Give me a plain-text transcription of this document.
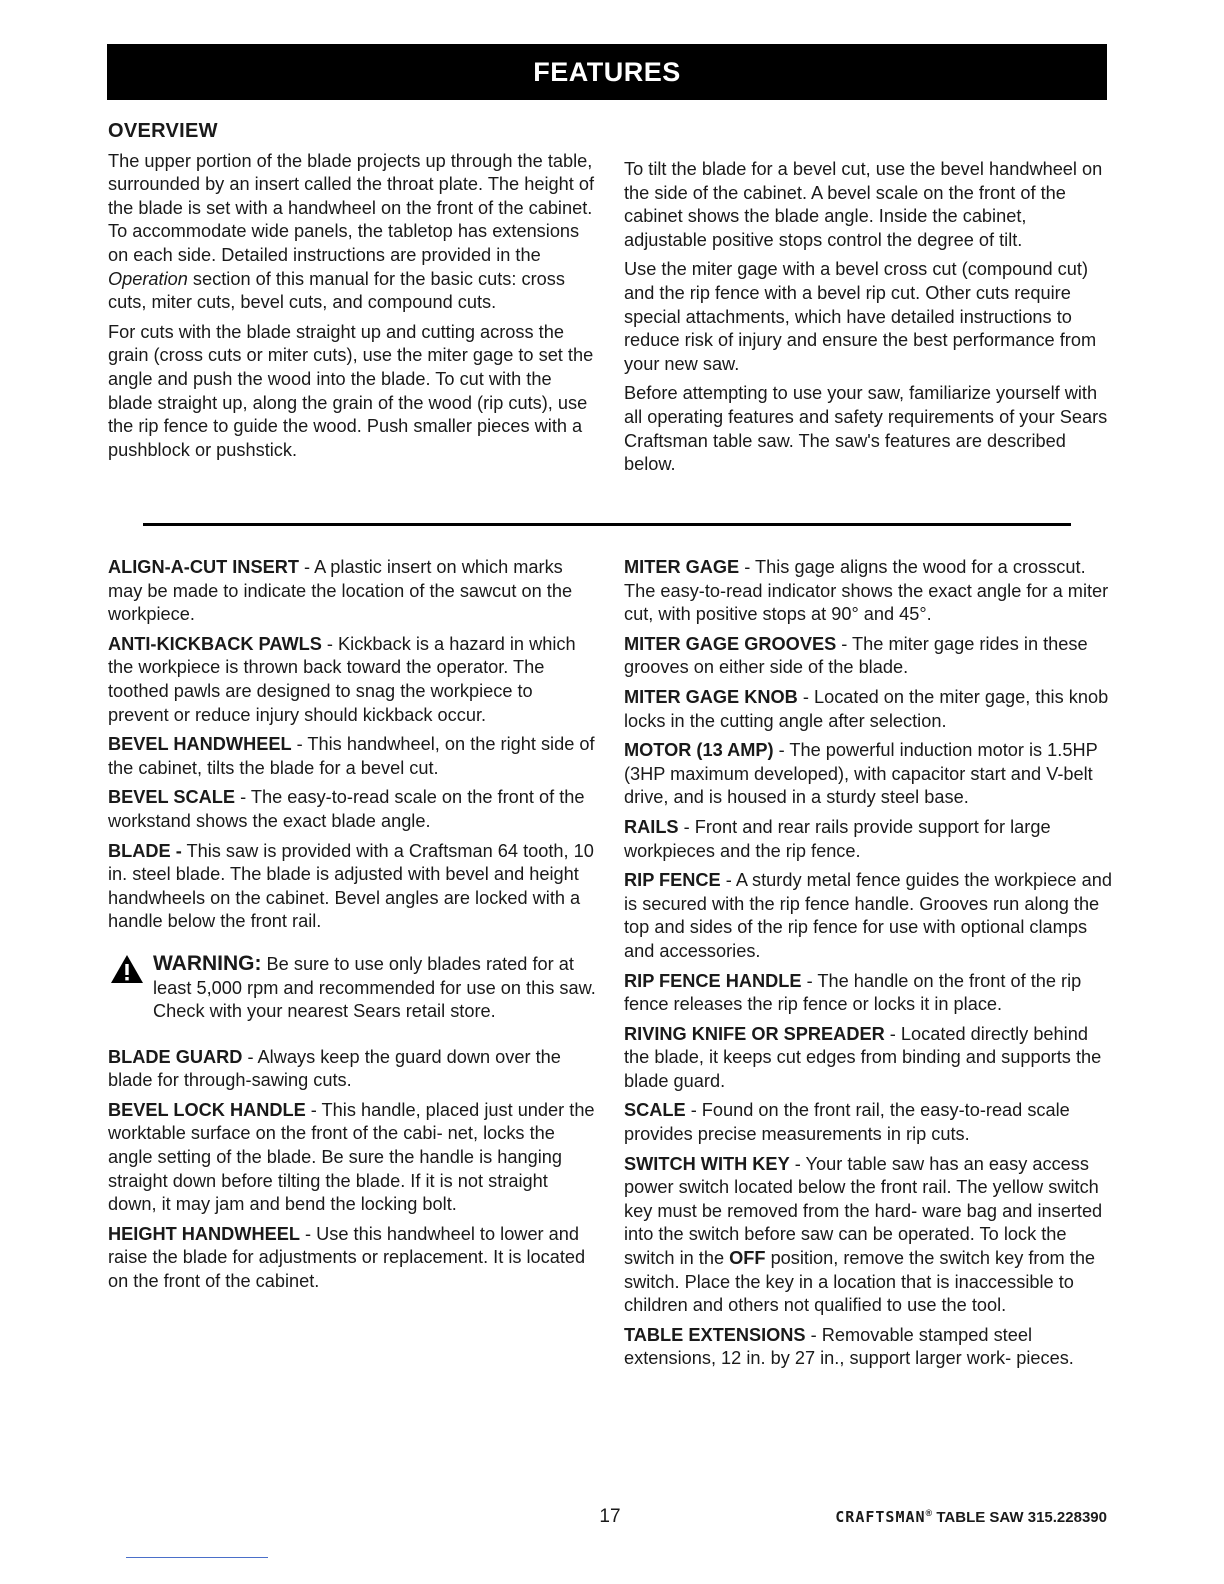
FEATURES
OVERVIEW

The upper portion of the blade projects up through the table, surrounded by an insert called the throat plate. The height of the blade is set with a handwheel on the front of the cabinet. To accommodate wide panels, the tabletop has extensions on each side. Detailed instructions are provided in the Operation section of this manual for the basic cuts: cross cuts, miter cuts, bevel cuts, and compound cuts.

For cuts with the blade straight up and cutting across the grain (cross cuts or miter cuts), use the miter gage to set the angle and push the wood into the blade. To cut with the blade straight up, along the grain of the wood (rip cuts), use the rip fence to guide the wood. Push smaller pieces with a pushblock or pushstick.

To tilt the blade for a bevel cut, use the bevel handwheel on the side of the cabinet. A bevel scale on the front of the cabinet shows the blade angle. Inside the cabinet, adjustable positive stops control the degree of tilt.

Use the miter gage with a bevel cross cut (compound cut) and the rip fence with a bevel rip cut. Other cuts require special attachments, which have detailed instructions to reduce risk of injury and ensure the best performance from your new saw.

Before attempting to use your saw, familiarize yourself with all operating features and safety requirements of your Sears Craftsman table saw. The saw's features are described below.

ALIGN-A-CUT INSERT - A plastic insert on which marks may be made to indicate the location of the sawcut on the workpiece.

ANTI-KICKBACK PAWLS - Kickback is a hazard in which the workpiece is thrown back toward the operator. The toothed pawls are designed to snag the workpiece to prevent or reduce injury should kickback occur.

BEVEL HANDWHEEL - This handwheel, on the right side of the cabinet, tilts the blade for a bevel cut.

BEVEL SCALE - The easy-to-read scale on the front of the workstand shows the exact blade angle.

BLADE - This saw is provided with a Craftsman 64 tooth, 10 in. steel blade. The blade is adjusted with bevel and height handwheels on the cabinet. Bevel angles are locked with a handle below the front rail.

WARNING: Be sure to use only blades rated for at least 5,000 rpm and recommended for use on this saw. Check with your nearest Sears retail store.

BLADE GUARD - Always keep the guard down over the blade for through-sawing cuts.

BEVEL LOCK HANDLE - This handle, placed just under the worktable surface on the front of the cabi- net, locks the angle setting of the blade. Be sure the handle is hanging straight down before tilting the blade. If it is not straight down, it may jam and bend the locking bolt.

HEIGHT HANDWHEEL - Use this handwheel to lower and raise the blade for adjustments or replacement. It is located on the front of the cabinet.

MITER GAGE - This gage aligns the wood for a crosscut. The easy-to-read indicator shows the exact angle for a miter cut, with positive stops at 90° and 45°.

MITER GAGE GROOVES - The miter gage rides in these grooves on either side of the blade.

MITER GAGE KNOB - Located on the miter gage, this knob locks in the cutting angle after selection.

MOTOR (13 AMP) - The powerful induction motor is 1.5HP (3HP maximum developed), with capacitor start and V-belt drive, and is housed in a sturdy steel base.

RAILS - Front and rear rails provide support for large workpieces and the rip fence.

RIP FENCE - A sturdy metal fence guides the workpiece and is secured with the rip fence handle. Grooves run along the top and sides of the rip fence for use with optional clamps and accessories.

RIP FENCE HANDLE - The handle on the front of the rip fence releases the rip fence or locks it in place.

RIVING KNIFE OR SPREADER - Located directly behind the blade, it keeps cut edges from binding and supports the blade guard.

SCALE - Found on the front rail, the easy-to-read scale provides precise measurements in rip cuts.

SWITCH WITH KEY - Your table saw has an easy access power switch located below the front rail. The yellow switch key must be removed from the hard- ware bag and inserted into the switch before saw can be operated. To lock the switch in the OFF position, remove the switch key from the switch. Place the key in a location that is inaccessible to children and others not qualified to use the tool.

TABLE EXTENSIONS - Removable stamped steel extensions, 12 in. by 27 in., support larger work- pieces.

17	CRAFTSMAN® TABLE SAW 315.228390
